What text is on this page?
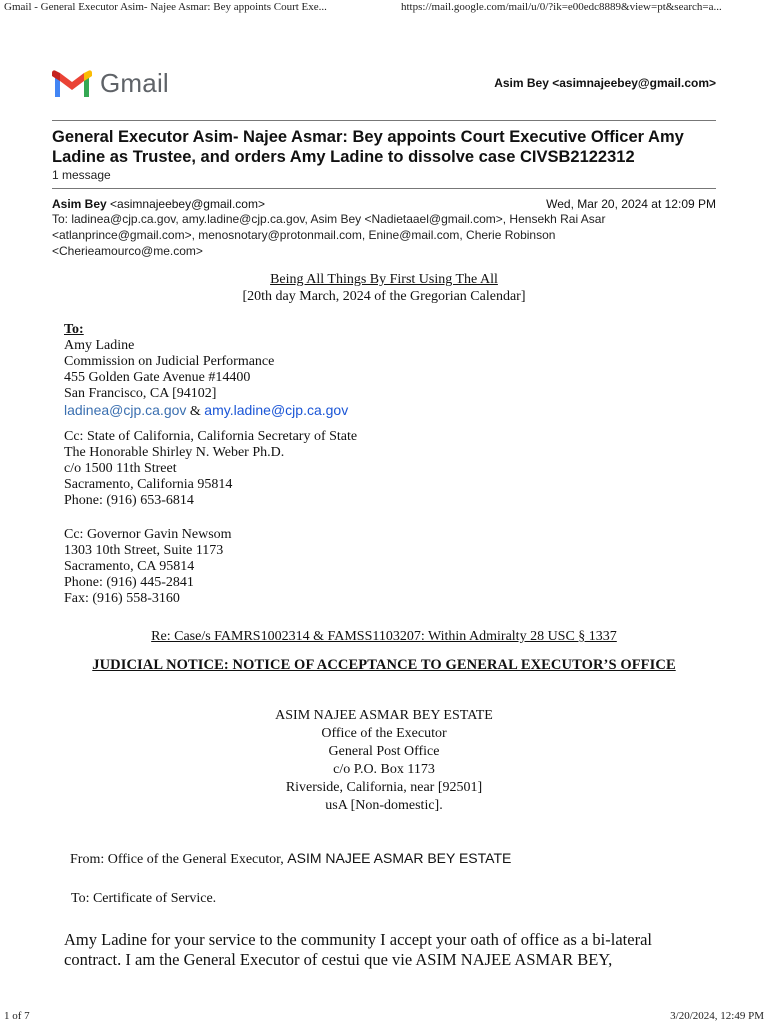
Gmail - General Executor Asim- Najee Asmar: Bey appoints Court Exe...	https://mail.google.com/mail/u/0/?ik=e00edc8889&view=pt&search=a...
Gmail	Asim Bey <asimnajeebey@gmail.com>
General Executor Asim- Najee Asmar: Bey appoints Court Executive Officer Amy
Ladine as Trustee, and orders Amy Ladine to dissolve case CIVSB2122312
1 message
Asim Bey <asimnajeebey@gmail.com>	Wed, Mar 20, 2024 at 12:09 PM
To: ladinea@cjp.ca.gov, amy.ladine@cjp.ca.gov, Asim Bey <Nadietaael@gmail.com>, Hensekh Rai Asar
<atlanprince@gmail.com>, menosnotary@protonmail.com, Enine@mail.com, Cherie Robinson
<Cherieamourco@me.com>
Being All Things By First Using The All
[20th day March, 2024 of the Gregorian Calendar]
To:
Amy Ladine
Commission on Judicial Performance
455 Golden Gate Avenue #14400
San Francisco, CA [94102]
ladinea@cjp.ca.gov & amy.ladine@cjp.ca.gov
Cc: State of California, California Secretary of State
The Honorable Shirley N. Weber Ph.D.
c/o 1500 11th Street
Sacramento, California 95814
Phone: (916) 653-6814
Cc: Governor Gavin Newsom
1303 10th Street, Suite 1173
Sacramento, CA 95814
Phone: (916) 445-2841
Fax: (916) 558-3160
Re: Case/s FAMRS1002314 & FAMSS1103207: Within Admiralty 28 USC § 1337
JUDICIAL NOTICE: NOTICE OF ACCEPTANCE TO GENERAL EXECUTOR’S OFFICE
ASIM NAJEE ASMAR BEY ESTATE
Office of the Executor
General Post Office
c/o P.O. Box 1173
Riverside, California, near [92501]
usA [Non-domestic].
From: Office of the General Executor, ASIM NAJEE ASMAR BEY ESTATE
To: Certificate of Service.
Amy Ladine for your service to the community I accept your oath of office as a bi-lateral
contract. I am the General Executor of cestui que vie ASIM NAJEE ASMAR BEY,
1 of 7	3/20/2024, 12:49 PM
